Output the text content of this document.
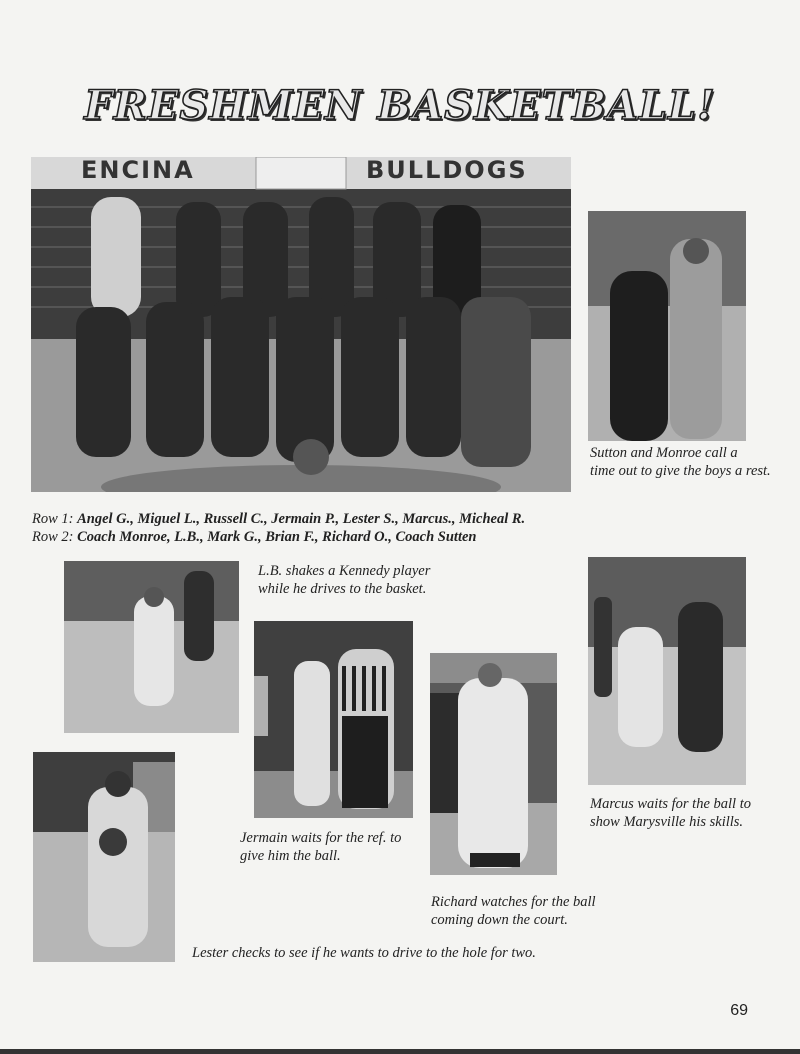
FRESHMEN BASKETBALL!
ENCINA	BULLDOGS
Sutton and Monroe call a
time out to give the boys a rest.
Row 1: Angel G., Miguel L., Russell C., Jermain P., Lester S., Marcus., Micheal R.
Row 2: Coach Monroe, L.B., Mark G., Brian F., Richard O., Coach Sutten
L.B. shakes a Kennedy player
while he drives to the basket.
Marcus waits for the ball to
show Marysville his skills.
Jermain waits for the ref. to
give him the ball.
Richard watches for the ball
coming down the court.
Lester checks to see if he wants to drive to the hole for two.
69
